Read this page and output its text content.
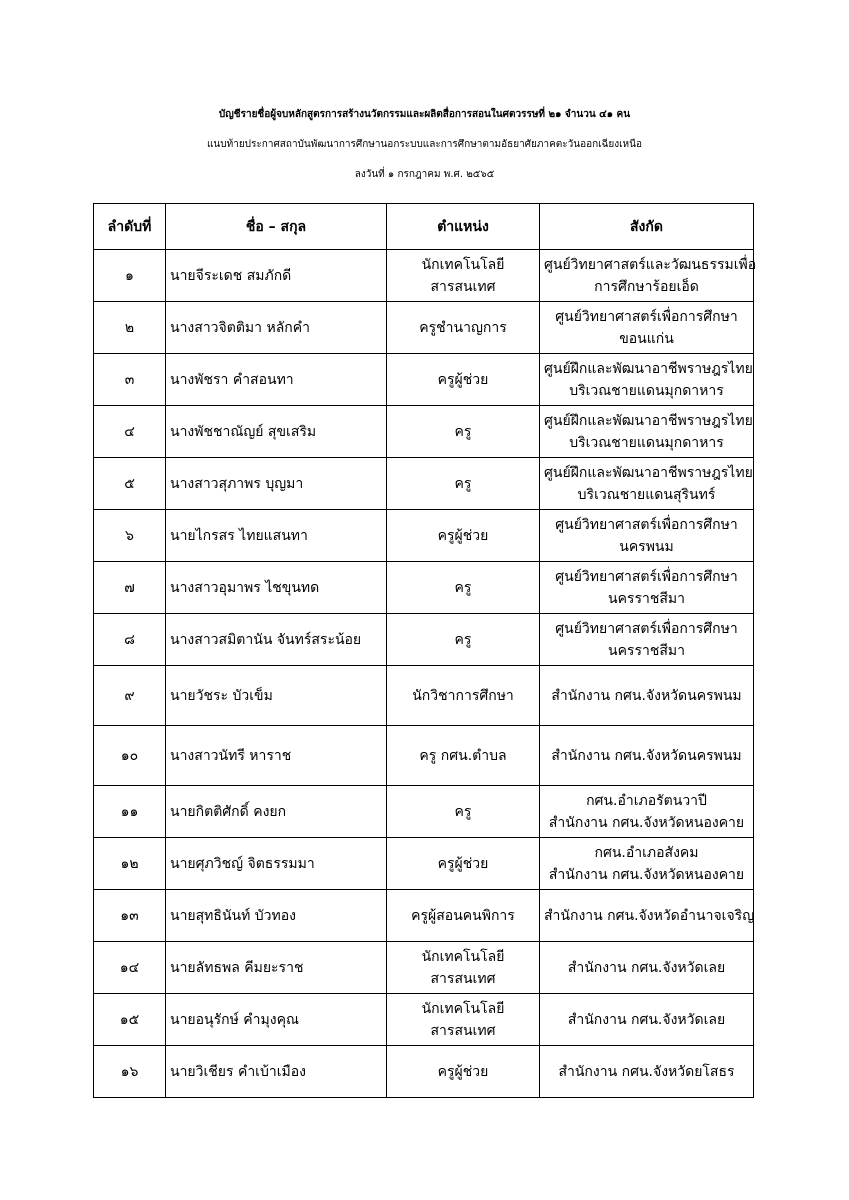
บัญชีรายชื่อผู้จบหลักสูตรการสร้างนวัตกรรมและผลิตสื่อการสอนในศตวรรษที่ ๒๑ จำนวน ๔๑ คน
แนบท้ายประกาศสถาบันพัฒนาการศึกษานอกระบบและการศึกษาตามอัธยาศัยภาคตะวันออกเฉียงเหนือ
ลงวันที่ ๑ กรกฎาคม พ.ศ. ๒๕๖๕
ลำดับที่	ชื่อ – สกุล	ตำแหน่ง	สังกัด
๑	นายจีระเดช สมภักดี	นักเทคโนโลยี
สารสนเทศ	ศูนย์วิทยาศาสตร์และวัฒนธรรมเพื่อ
การศึกษาร้อยเอ็ด

๒	นางสาวจิตติมา หลักคำ	ครูชำนาญการ	ศูนย์วิทยาศาสตร์เพื่อการศึกษา
ขอนแก่น

๓	นางพัชรา คำสอนทา	ครูผู้ช่วย	ศูนย์ฝึกและพัฒนาอาชีพราษฎรไทย
บริเวณชายแดนมุกดาหาร

๔	นางพัชชาณัญย์ สุขเสริม	ครู	ศูนย์ฝึกและพัฒนาอาชีพราษฎรไทย
บริเวณชายแดนมุกดาหาร

๕	นางสาวสุภาพร บุญมา	ครู	ศูนย์ฝึกและพัฒนาอาชีพราษฎรไทย
บริเวณชายแดนสุรินทร์

๖	นายไกรสร ไทยแสนทา	ครูผู้ช่วย	ศูนย์วิทยาศาสตร์เพื่อการศึกษา
นครพนม

๗	นางสาวอุมาพร ไชขุนทด	ครู	ศูนย์วิทยาศาสตร์เพื่อการศึกษา
นครราชสีมา

๘	นางสาวสมิตานัน จันทร์สระน้อย	ครู	ศูนย์วิทยาศาสตร์เพื่อการศึกษา
นครราชสีมา

๙	นายวัชระ บัวเข็ม	นักวิชาการศึกษา	สำนักงาน กศน.จังหวัดนครพนม

๑๐	นางสาวนัทรี หาราช	ครู กศน.ตำบล	สำนักงาน กศน.จังหวัดนครพนม

๑๑	นายกิตติศักดิ์ คงยก	ครู	กศน.อำเภอรัตนวาปี
สำนักงาน กศน.จังหวัดหนองคาย

๑๒	นายศุภวิชญ์ จิตธรรมมา	ครูผู้ช่วย	กศน.อำเภอสังคม
สำนักงาน กศน.จังหวัดหนองคาย

๑๓	นายสุทธินันท์ บัวทอง	ครูผู้สอนคนพิการ	สำนักงาน กศน.จังหวัดอำนาจเจริญ

๑๔	นายลัทธพล คีมยะราช	นักเทคโนโลยี
สารสนเทศ	สำนักงาน กศน.จังหวัดเลย

๑๕	นายอนุรักษ์ คำมุงคุณ	นักเทคโนโลยี
สารสนเทศ	สำนักงาน กศน.จังหวัดเลย

๑๖	นายวิเชียร คำเบ้าเมือง	ครูผู้ช่วย	สำนักงาน กศน.จังหวัดยโสธร
